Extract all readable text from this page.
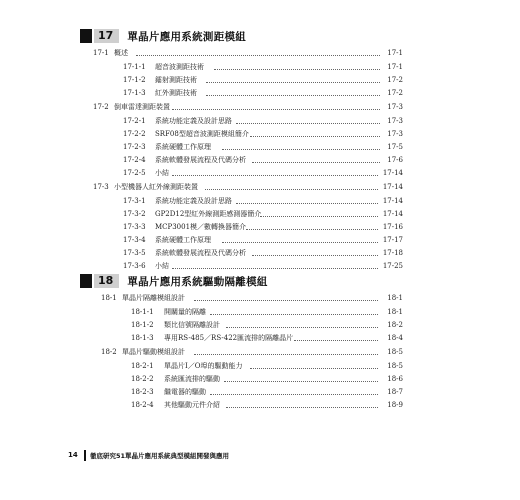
17	單晶片應用系統測距模組
17-1 概述	17-1
17-1-1 超音波測距技術	17-1
17-1-2 鐳射測距技術	17-2
17-1-3 紅外測距技術	17-2
17-2 倒車雷達測距裝置	17-3
17-2-1 系統功能定義及設計思路	17-3
17-2-2 SRF08型超音波測距模組簡介	17-3
17-2-3 系統硬體工作原理	17-5
17-2-4 系統軟體發展流程及代碼分析	17-6
17-2-5 小結	17-14
17-3 小型機器人紅外線測距裝置	17-14
17-3-1 系統功能定義及設計思路	17-14
17-3-2 GP2D12型紅外線測距感測器簡介	17-14
17-3-3 MCP3001模／數轉換器簡介	17-16
17-3-4 系統硬體工作原理	17-17
17-3-5 系統軟體發展流程及代碼分析	17-18
17-3-6 小結	17-25
18	單晶片應用系統驅動隔離模組
18-1 單晶片隔離模組設計	18-1
18-1-1 開關量的隔離	18-1
18-1-2 類比信號隔離設計	18-2
18-1-3 專用RS-485／RS-422匯流排的隔離晶片	18-4
18-2 單晶片驅動模組設計	18-5
18-2-1 單晶片I／O埠的驅動能力	18-5
18-2-2 系統匯流排的驅動	18-6
18-2-3 繼電器的驅動	18-7
18-2-4 其他驅動元件介紹	18-9
14	徹底研究51單晶片應用系統典型模組開發與應用
